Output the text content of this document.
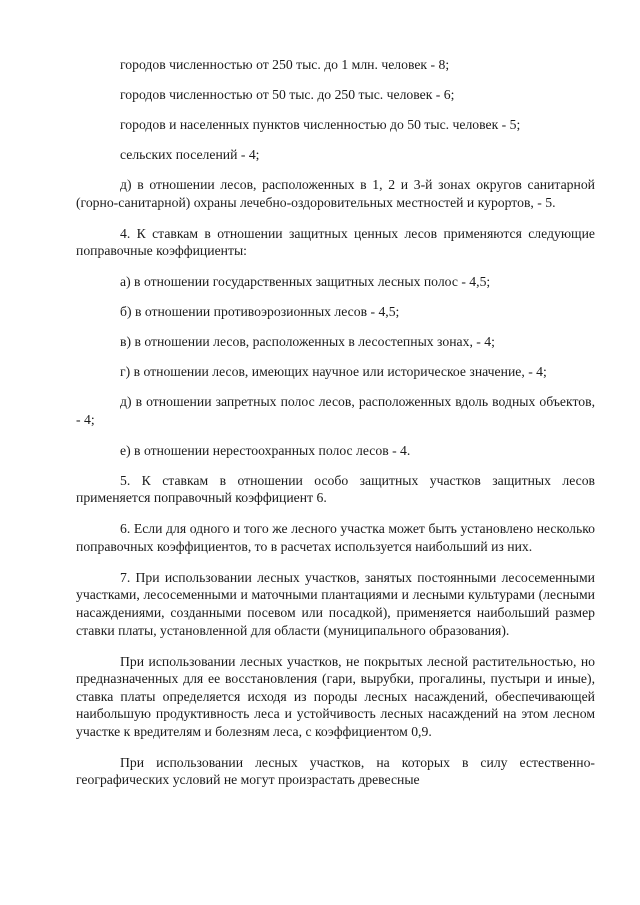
городов численностью от 250 тыс. до 1 млн. человек - 8;

городов численностью от 50 тыс. до 250 тыс. человек - 6;

городов и населенных пунктов численностью до 50 тыс. человек - 5;

сельских поселений - 4;

д) в отношении лесов, расположенных в 1, 2 и 3-й зонах округов санитарной (горно-санитарной) охраны лечебно-оздоровительных местностей и курортов, - 5.

4. К ставкам в отношении защитных ценных лесов применяются следующие поправочные коэффициенты:

а) в отношении государственных защитных лесных полос - 4,5;

б) в отношении противоэрозионных лесов - 4,5;

в) в отношении лесов, расположенных в лесостепных зонах, - 4;

г) в отношении лесов, имеющих научное или историческое значение, - 4;

д) в отношении запретных полос лесов, расположенных вдоль водных объектов, - 4;

е) в отношении нерестоохранных полос лесов - 4.

5. К ставкам в отношении особо защитных участков защитных лесов применяется поправочный коэффициент 6.

6. Если для одного и того же лесного участка может быть установлено несколько поправочных коэффициентов, то в расчетах используется наибольший из них.

7. При использовании лесных участков, занятых постоянными лесосеменными участками, лесосеменными и маточными плантациями и лесными культурами (лесными насаждениями, созданными посевом или посадкой), применяется наибольший размер ставки платы, установленной для области (муниципального образования).

При использовании лесных участков, не покрытых лесной растительностью, но предназначенных для ее восстановления (гари, вырубки, прогалины, пустыри и иные), ставка платы определяется исходя из породы лесных насаждений, обеспечивающей наибольшую продуктивность леса и устойчивость лесных насаждений на этом лесном участке к вредителям и болезням леса, с коэффициентом 0,9.

При использовании лесных участков, на которых в силу естественно-географических условий не могут произрастать древесные
